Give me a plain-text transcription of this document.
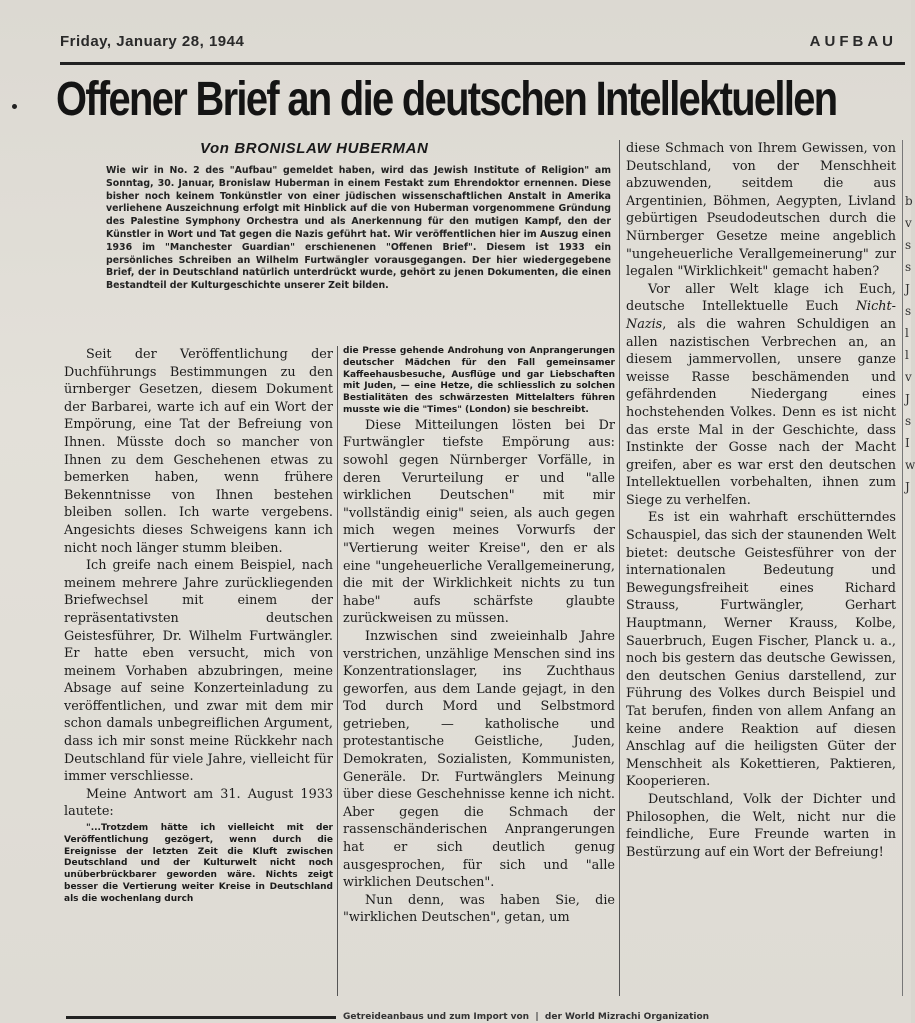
Friday, January 28, 1944	AUFBAU
Offener Brief an die deutschen Intellektuellen
Von BRONISLAW HUBERMAN
Wie wir in No. 2 des "Aufbau" gemeldet haben, wird das Jewish Institute of Religion" am Sonntag, 30. Januar, Bronislaw Huberman in einem Festakt zum Ehrendoktor ernennen. Diese bisher noch keinem Tonkünstler von einer jüdischen wissenschaftlichen Anstalt in Amerika verliehene Auszeichnung erfolgt mit Hinblick auf die von Huberman vorgenommene Gründung des Palestine Symphony Orchestra und als Anerkennung für den mutigen Kampf, den der Künstler in Wort und Tat gegen die Nazis geführt hat. Wir veröffentlichen hier im Auszug einen 1936 im "Manchester Guardian" erschienenen "Offenen Brief". Diesem ist 1933 ein persönliches Schreiben an Wilhelm Furtwängler vorausgegangen. Der hier wiedergegebene Brief, der in Deutschland natürlich unterdrückt wurde, gehört zu jenen Dokumenten, die einen Bestandteil der Kulturgeschichte unserer Zeit bilden.

Seit der Veröffentlichung der Duchführungs Bestimmungen zu den ürnberger Gesetzen, diesem Dokument der Barbarei, warte ich auf ein Wort der Empörung, eine Tat der Befreiung von Ihnen. Müsste doch so mancher von Ihnen zu dem Geschehenen etwas zu bemerken haben, wenn frühere Bekenntnisse von Ihnen bestehen bleiben sollen. Ich warte vergebens. Angesichts dieses Schweigens kann ich nicht noch länger stumm bleiben.

Ich greife nach einem Beispiel, nach meinem mehrere Jahre zurückliegenden Briefwechsel mit einem der repräsentativsten deutschen Geistesführer, Dr. Wilhelm Furtwängler. Er hatte eben versucht, mich von meinem Vorhaben abzubringen, meine Absage auf seine Konzerteinladung zu veröffentlichen, und zwar mit dem mir schon damals unbegreiflichen Argument, dass ich mir sonst meine Rückkehr nach Deutschland für viele Jahre, vielleicht für immer verschliesse.

Meine Antwort am 31. August 1933 lautete:

"...Trotzdem hätte ich vielleicht mit der Veröffentlichung gezögert, wenn durch die Ereignisse der letzten Zeit die Kluft zwischen Deutschland und der Kulturwelt nicht noch unüberbrückbarer geworden wäre. Nichts zeigt besser die Vertierung weiter Kreise in Deutschland als die wochenlang durch

die Presse gehende Androhung von Anprangerungen deutscher Mädchen für den Fall gemeinsamer Kaffeehausbesuche, Ausflüge und gar Liebschaften mit Juden, — eine Hetze, die schliesslich zu solchen Bestialitäten des schwärzesten Mittelalters führen musste wie die "Times" (London) sie beschreibt.

Diese Mitteilungen lösten bei Dr Furtwängler tiefste Empörung aus: sowohl gegen Nürnberger Vorfälle, in deren Verurteilung er und "alle wirklichen Deutschen" mit mir "vollständig einig" seien, als auch gegen mich wegen meines Vorwurfs der "Vertierung weiter Kreise", den er als eine "ungeheuerliche Verallgemeinerung, die mit der Wirklichkeit nichts zu tun habe" aufs schärfste glaubte zurückweisen zu müssen.

Inzwischen sind zweieinhalb Jahre verstrichen, unzählige Menschen sind ins Konzentrationslager, ins Zuchthaus geworfen, aus dem Lande gejagt, in den Tod durch Mord und Selbstmord getrieben, — katholische und protestantische Geistliche, Juden, Demokraten, Sozialisten, Kommunisten, Generäle. Dr. Furtwänglers Meinung über diese Geschehnisse kenne ich nicht. Aber gegen die Schmach der rassenschänderischen Anprangerungen hat er sich deutlich genug ausgesprochen, für sich und "alle wirklichen Deutschen".

Nun denn, was haben Sie, die "wirklichen Deutschen", getan, um

diese Schmach von Ihrem Gewissen, von Deutschland, von der Menschheit abzuwenden, seitdem die aus Argentinien, Böhmen, Aegypten, Livland gebürtigen Pseudodeutschen durch die Nürnberger Gesetze meine angeblich "ungeheuerliche Verallgemeinerung" zur legalen "Wirklichkeit" gemacht haben?

Vor aller Welt klage ich Euch, deutsche Intellektuelle Euch Nicht-Nazis, als die wahren Schuldigen an allen nazistischen Verbrechen an, an diesem jammervollen, unsere ganze weisse Rasse beschämenden und gefährdenden Niedergang eines hochstehenden Volkes. Denn es ist nicht das erste Mal in der Geschichte, dass Instinkte der Gosse nach der Macht greifen, aber es war erst den deutschen Intellektuellen vorbehalten, ihnen zum Siege zu verhelfen.

Es ist ein wahrhaft erschütterndes Schauspiel, das sich der staunenden Welt bietet: deutsche Geistesführer von der internationalen Bedeutung und Bewegungsfreiheit eines Richard Strauss, Furtwängler, Gerhart Hauptmann, Werner Krauss, Kolbe, Sauerbruch, Eugen Fischer, Planck u. a., noch bis gestern das deutsche Gewissen, den deutschen Genius darstellend, zur Führung des Volkes durch Beispiel und Tat berufen, finden von allem Anfang an keine andere Reaktion auf diesen Anschlag auf die heiligsten Güter der Menschheit als Kokettieren, Paktieren, Kooperieren.

Deutschland, Volk der Dichter und Philosophen, die Welt, nicht nur die feindliche, Eure Freunde warten in Bestürzung auf ein Wort der Befreiung!

b
v
s
s
J
s
l
l
v
J
s
I
w
J
Getreideanbaus und zum Import von  |  der World Mizrachi Organization
